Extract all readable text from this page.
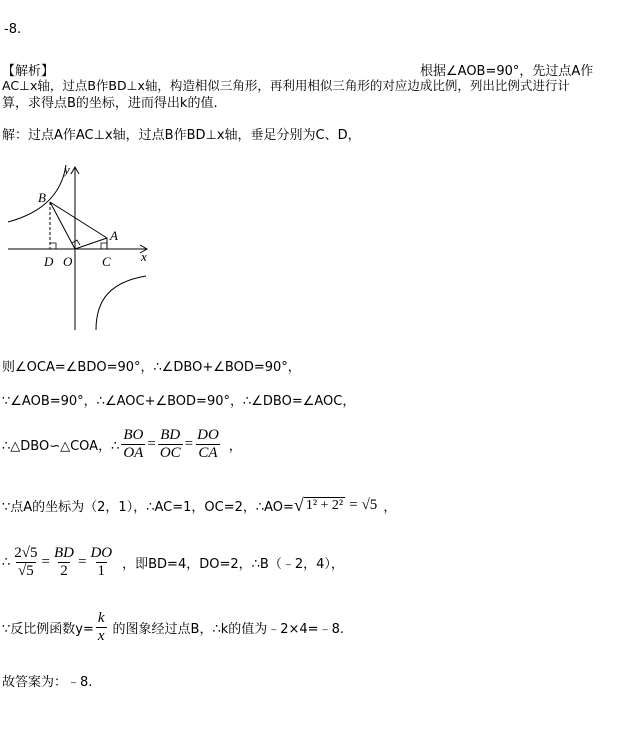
-8.
【解析】	根据∠AOB=90°，先过点A作
AC⊥x轴，过点B作BD⊥x轴，构造相似三角形，再利用相似三角形的对应边成比例，列出比例式进行计
算，求得点B的坐标，进而得出k的值.
解：过点A作AC⊥x轴，过点B作BD⊥x轴，垂足分别为C、D，
y
x
B
A
D O C
则∠OCA=∠BDO=90°，∴∠DBO+∠BOD=90°，
∵∠AOB=90°，∴∠AOC+∠BOD=90°，∴∠DBO=∠AOC，
∴△DBO∽△COA，∴ $\frac{BO}{OA} = \frac{BD}{OC} = \frac{DO}{CA}$ ，
∵点A的坐标为（2，1），∴AC=1，OC=2，∴AO= √ 1² + 2² = √5 ，
∴ $\frac{2√5}{√5} = \frac{BD}{2} = \frac{DO}{1}$ ，即BD=4，DO=2，∴B（﹣2，4），
∵反比例函数$y= \frac{k}{x}$ 的图象经过点B，∴k的值为﹣2×4=﹣8.
故答案为：﹣8.
